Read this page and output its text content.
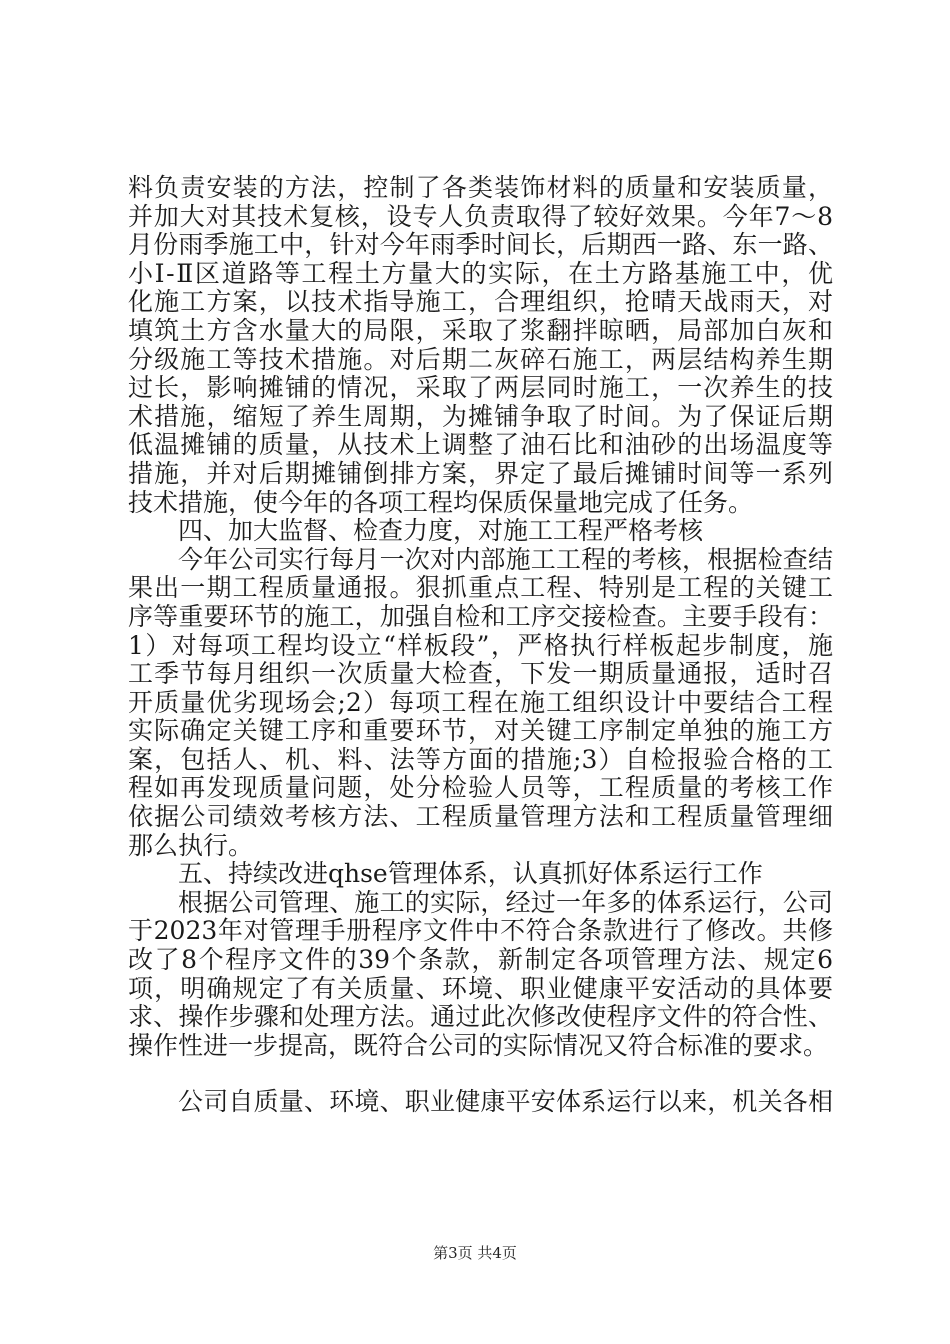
料负责安装的方法，控制了各类装饰材料的质量和安装质量，
并加大对其技术复核，设专人负责取得了较好效果。今年7～8
月份雨季施工中，针对今年雨季时间长，后期西一路、东一路、
小Ⅰ-Ⅱ区道路等工程土方量大的实际，在土方路基施工中，优
化施工方案，以技术指导施工，合理组织，抢晴天战雨天，对
填筑土方含水量大的局限，采取了浆翻拌晾晒，局部加白灰和
分级施工等技术措施。对后期二灰碎石施工，两层结构养生期
过长，影响摊铺的情况，采取了两层同时施工，一次养生的技
术措施，缩短了养生周期，为摊铺争取了时间。为了保证后期
低温摊铺的质量，从技术上调整了油石比和油砂的出场温度等
措施，并对后期摊铺倒排方案，界定了最后摊铺时间等一系列
技术措施，使今年的各项工程均保质保量地完成了任务。
四、加大监督、检查力度，对施工工程严格考核
今年公司实行每月一次对内部施工工程的考核，根据检查结
果出一期工程质量通报。狠抓重点工程、特别是工程的关键工
序等重要环节的施工，加强自检和工序交接检查。主要手段有：
1）对每项工程均设立“样板段”，严格执行样板起步制度，施
工季节每月组织一次质量大检查，下发一期质量通报，适时召
开质量优劣现场会;2）每项工程在施工组织设计中要结合工程
实际确定关键工序和重要环节，对关键工序制定单独的施工方
案，包括人、机、料、法等方面的措施;3）自检报验合格的工
程如再发现质量问题，处分检验人员等，工程质量的考核工作
依据公司绩效考核方法、工程质量管理方法和工程质量管理细
那么执行。
五、持续改进qhse管理体系，认真抓好体系运行工作
根据公司管理、施工的实际，经过一年多的体系运行，公司
于2023年对管理手册程序文件中不符合条款进行了修改。共修
改了8个程序文件的39个条款，新制定各项管理方法、规定6
项，明确规定了有关质量、环境、职业健康平安活动的具体要
求、操作步骤和处理方法。通过此次修改使程序文件的符合性、
操作性进一步提高，既符合公司的实际情况又符合标准的要求。
公司自质量、环境、职业健康平安体系运行以来，机关各相
第3页 共4页
